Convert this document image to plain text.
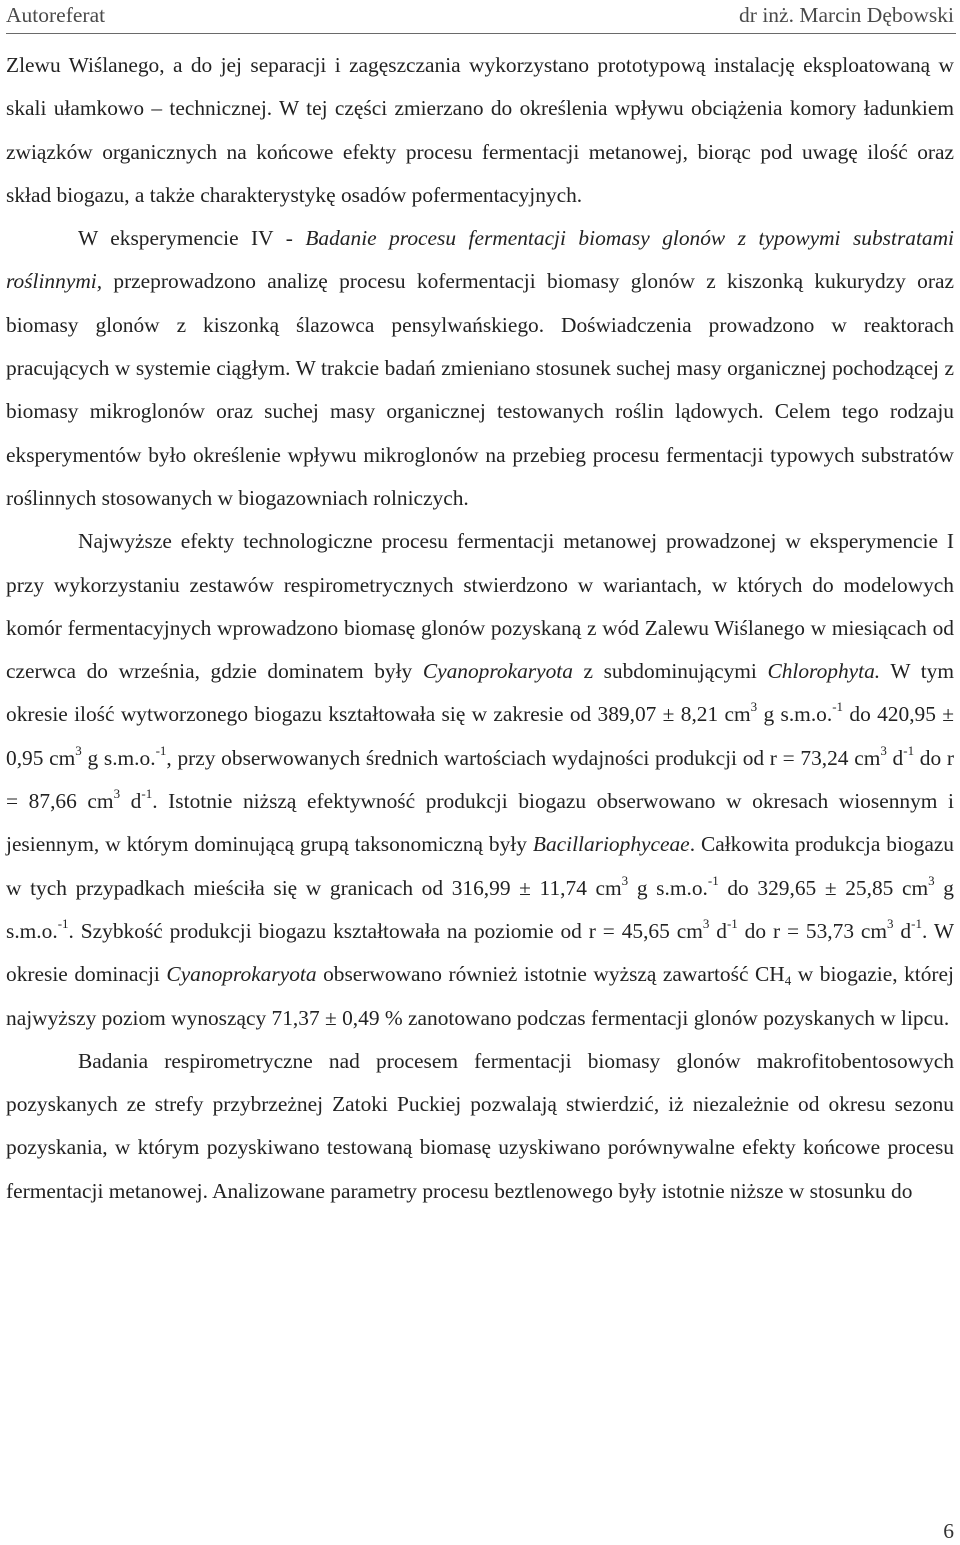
Autoreferat	dr inż. Marcin Dębowski

Zlewu Wiślanego, a do jej separacji i zagęszczania wykorzystano prototypową instalację eksploatowaną w skali ułamkowo – technicznej. W tej części zmierzano do określenia wpływu obciążenia komory ładunkiem związków organicznych na końcowe efekty procesu fermentacji metanowej, biorąc pod uwagę ilość oraz skład biogazu, a także charakterystykę osadów pofermentacyjnych.

W eksperymencie IV - Badanie procesu fermentacji biomasy glonów z typowymi substratami roślinnymi, przeprowadzono analizę procesu kofermentacji biomasy glonów z kiszonką kukurydzy oraz biomasy glonów z kiszonką ślazowca pensylwańskiego. Doświadczenia prowadzono w reaktorach pracujących w systemie ciągłym. W trakcie badań zmieniano stosunek suchej masy organicznej pochodzącej z biomasy mikroglonów oraz suchej masy organicznej testowanych roślin lądowych. Celem tego rodzaju eksperymentów było określenie wpływu mikroglonów na przebieg procesu fermentacji typowych substratów roślinnych stosowanych w biogazowniach rolniczych.

Najwyższe efekty technologiczne procesu fermentacji metanowej prowadzonej w eksperymencie I przy wykorzystaniu zestawów respirometrycznych stwierdzono w wariantach, w których do modelowych komór fermentacyjnych wprowadzono biomasę glonów pozyskaną z wód Zalewu Wiślanego w miesiącach od czerwca do września, gdzie dominatem były Cyanoprokaryota z subdominującymi Chlorophyta. W tym okresie ilość wytworzonego biogazu kształtowała się w zakresie od 389,07 ± 8,21 $cm^3$ g s.m.o.$^{-1}$ do 420,95 ± 0,95 $cm^3$ g s.m.o.$^{-1}$, przy obserwowanych średnich wartościach wydajności produkcji od r = 73,24 $cm^3$ $d^{-1}$ do r = 87,66 $cm^3$ $d^{-1}$. Istotnie niższą efektywność produkcji biogazu obserwowano w okresach wiosennym i jesiennym, w którym dominującą grupą taksonomiczną były Bacillariophyceae. Całkowita produkcja biogazu w tych przypadkach mieściła się w granicach od 316,99 ± 11,74 $cm^3$ g s.m.o.$^{-1}$ do 329,65 ± 25,85 $cm^3$ g s.m.o.$^{-1}$. Szybkość produkcji biogazu kształtowała na poziomie od r = 45,65 $cm^3$ $d^{-1}$ do r = 53,73 $cm^3$ $d^{-1}$. W okresie dominacji Cyanoprokaryota obserwowano również istotnie wyższą zawartość $CH_4$ w biogazie, której najwyższy poziom wynoszący 71,37 ± 0,49 % zanotowano podczas fermentacji glonów pozyskanych w lipcu.

Badania respirometryczne nad procesem fermentacji biomasy glonów makrofitobentosowych pozyskanych ze strefy przybrzeżnej Zatoki Puckiej pozwalają stwierdzić, iż niezależnie od okresu sezonu pozyskania, w którym pozyskiwano testowaną biomasę uzyskiwano porównywalne efekty końcowe procesu fermentacji metanowej. Analizowane parametry procesu beztlenowego były istotnie niższe w stosunku do

6
